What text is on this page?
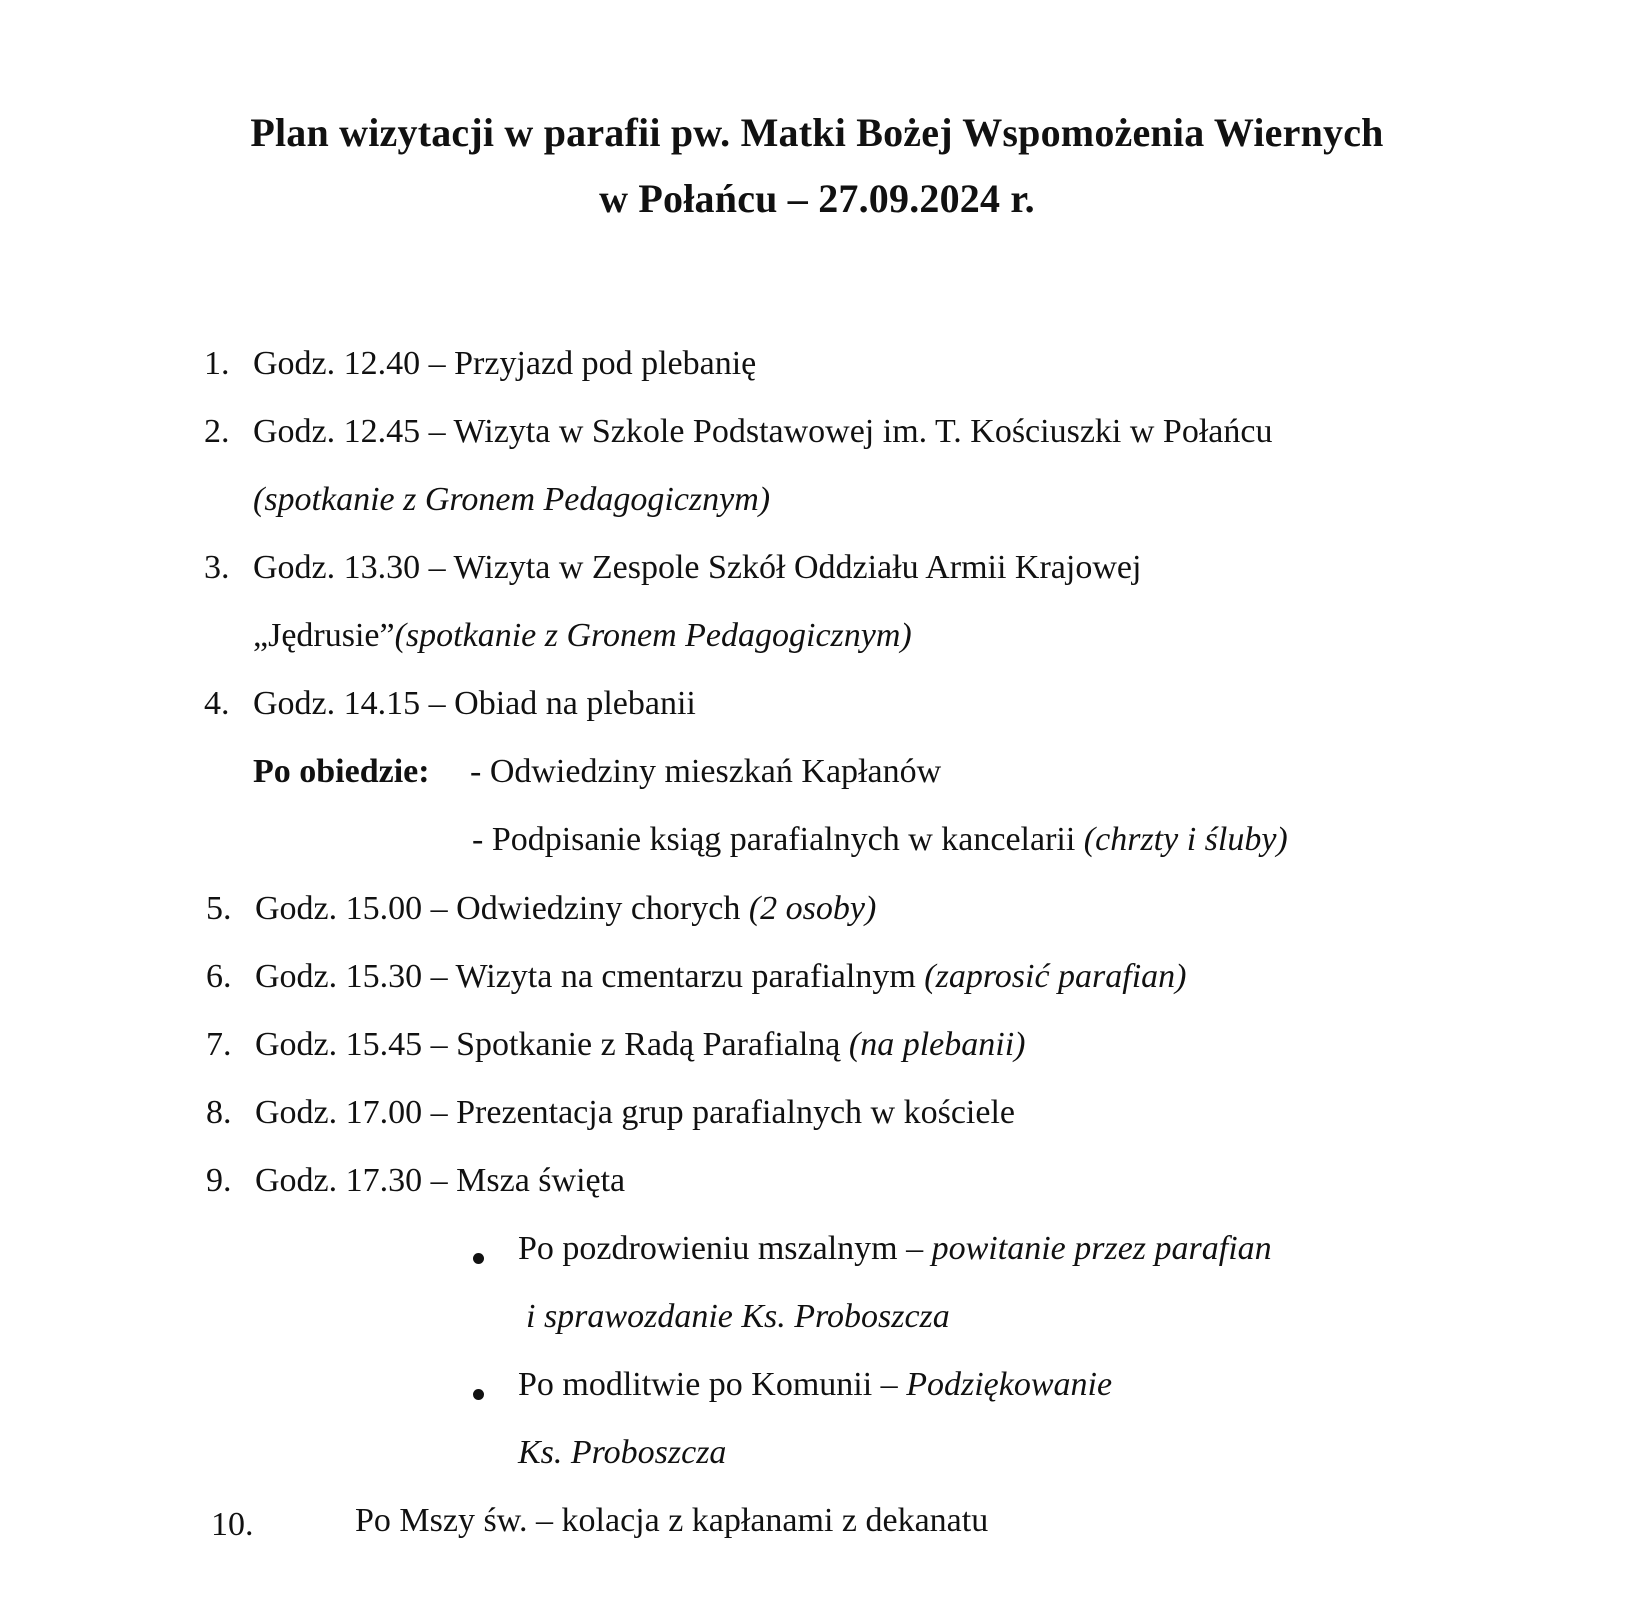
Plan wizytacji w parafii pw. Matki Bożej Wspomożenia Wiernych
w Połańcu – 27.09.2024 r.
1. Godz. 12.40 – Przyjazd pod plebanię
2. Godz. 12.45 – Wizyta w Szkole Podstawowej im. T. Kościuszki w Połańcu
(spotkanie z Gronem Pedagogicznym)
3. Godz. 13.30 – Wizyta w Zespole Szkół Oddziału Armii Krajowej
„Jędrusie”(spotkanie z Gronem Pedagogicznym)
4. Godz. 14.15 – Obiad na plebanii
Po obiedzie: - Odwiedziny mieszkań Kapłanów
- Podpisanie ksiąg parafialnych w kancelarii (chrzty i śluby)
5. Godz. 15.00 – Odwiedziny chorych (2 osoby)
6. Godz. 15.30 – Wizyta na cmentarzu parafialnym (zaprosić parafian)
7. Godz. 15.45 – Spotkanie z Radą Parafialną (na plebanii)
8. Godz. 17.00 – Prezentacja grup parafialnych w kościele
9. Godz. 17.30 – Msza święta
Po pozdrowieniu mszalnym – powitanie przez parafian
i sprawozdanie Ks. Proboszcza
Po modlitwie po Komunii – Podziękowanie
Ks. Proboszcza
10.	Po Mszy św. – kolacja z kapłanami z dekanatu
